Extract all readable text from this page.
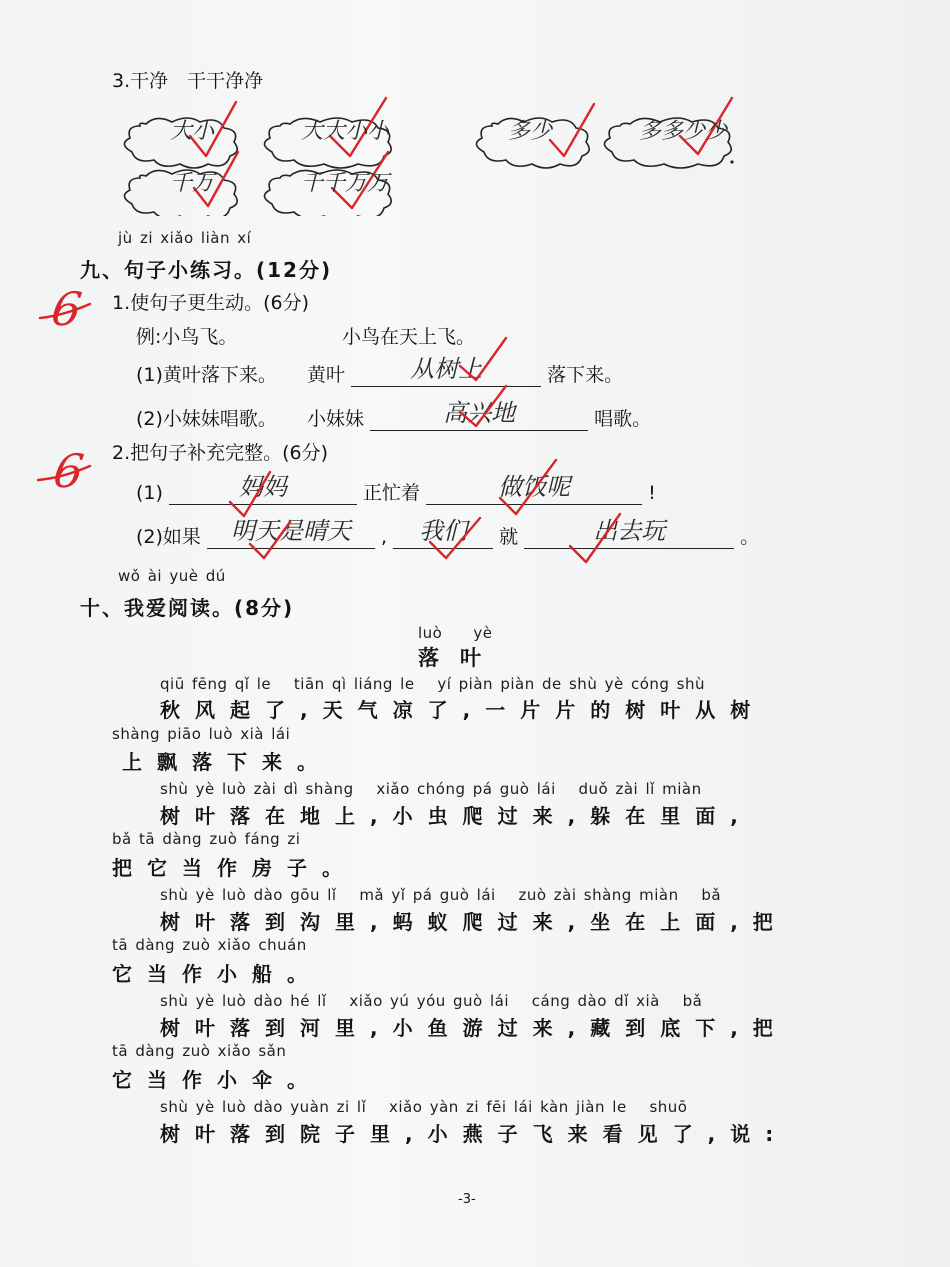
3.干净　干干净净
大小	大大小小	多少	多多少少
千万	千千万万
jù zi xiǎo liàn xí
九、句子小练习。(12分)
6 1.使句子更生动。(6分)
例:小鸟飞。	小鸟在天上飞。
(1)黄叶落下来。 黄叶	从树上	落下来。
(2)小妹妹唱歌。 小妹妹	高兴地	唱歌。
6 2.把句子补充完整。(6分)
(1)	妈妈	正忙着	做饭呢	!
(2)如果	明天是晴天	,	我们	就	出去玩	。
wǒ ài yuè dú
十、我爱阅读。(8分)
luò　　yè
落　叶
qiū fēng qǐ le　 tiān qì liáng le　 yí piàn piàn de shù yè cóng shù
秋风起了,天气凉了,一片片的树叶从树
shàng piāo luò xià lái
上飘落下来。
shù yè luò zài dì shàng　 xiǎo chóng pá guò lái　 duǒ zài lǐ miàn
树叶落在地上,小虫爬过来,躲在里面,
bǎ tā dàng zuò fáng zi
把它当作房子。
shù yè luò dào gōu lǐ　 mǎ yǐ pá guò lái　 zuò zài shàng miàn　 bǎ
树叶落到沟里,蚂蚁爬过来,坐在上面,把
tā dàng zuò xiǎo chuán
它当作小船。
shù yè luò dào hé lǐ　 xiǎo yú yóu guò lái　 cáng dào dǐ xià　 bǎ
树叶落到河里,小鱼游过来,藏到底下,把
tā dàng zuò xiǎo sǎn
它当作小伞。
shù yè luò dào yuàn zi lǐ　 xiǎo yàn zi fēi lái kàn jiàn le　 shuō
树叶落到院子里,小燕子飞来看见了,说:
-3-
